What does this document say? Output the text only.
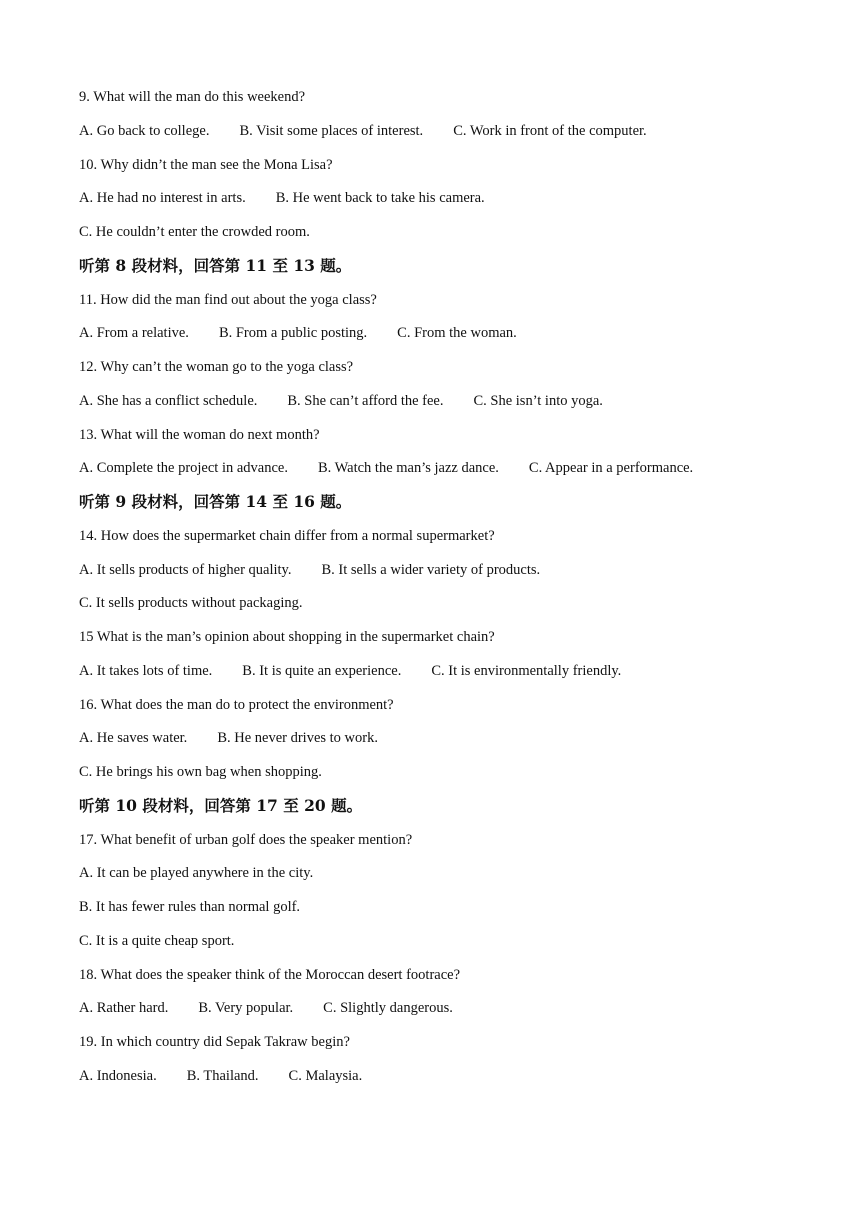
9. What will the man do this weekend?
A. Go back to college. B. Visit some places of interest. C. Work in front of the computer.
10. Why didn’t the man see the Mona Lisa?
A. He had no interest in arts. B. He went back to take his camera.
C. He couldn’t enter the crowded room.
听第 8 段材料，回答第 11 至 13 题。
11. How did the man find out about the yoga class?
A. From a relative. B. From a public posting. C. From the woman.
12. Why can’t the woman go to the yoga class?
A. She has a conflict schedule. B. She can’t afford the fee. C. She isn’t into yoga.
13. What will the woman do next month?
A. Complete the project in advance. B. Watch the man’s jazz dance. C. Appear in a performance.
听第 9 段材料，回答第 14 至 16 题。
14. How does the supermarket chain differ from a normal supermarket?
A. It sells products of higher quality. B. It sells a wider variety of products.
C. It sells products without packaging.
15 What is the man’s opinion about shopping in the supermarket chain?
A. It takes lots of time. B. It is quite an experience. C. It is environmentally friendly.
16. What does the man do to protect the environment?
A. He saves water. B. He never drives to work.
C. He brings his own bag when shopping.
听第 10 段材料，回答第 17 至 20 题。
17. What benefit of urban golf does the speaker mention?
A. It can be played anywhere in the city.
B. It has fewer rules than normal golf.
C. It is a quite cheap sport.
18. What does the speaker think of the Moroccan desert footrace?
A. Rather hard. B. Very popular. C. Slightly dangerous.
19. In which country did Sepak Takraw begin?
A. Indonesia. B. Thailand. C. Malaysia.
